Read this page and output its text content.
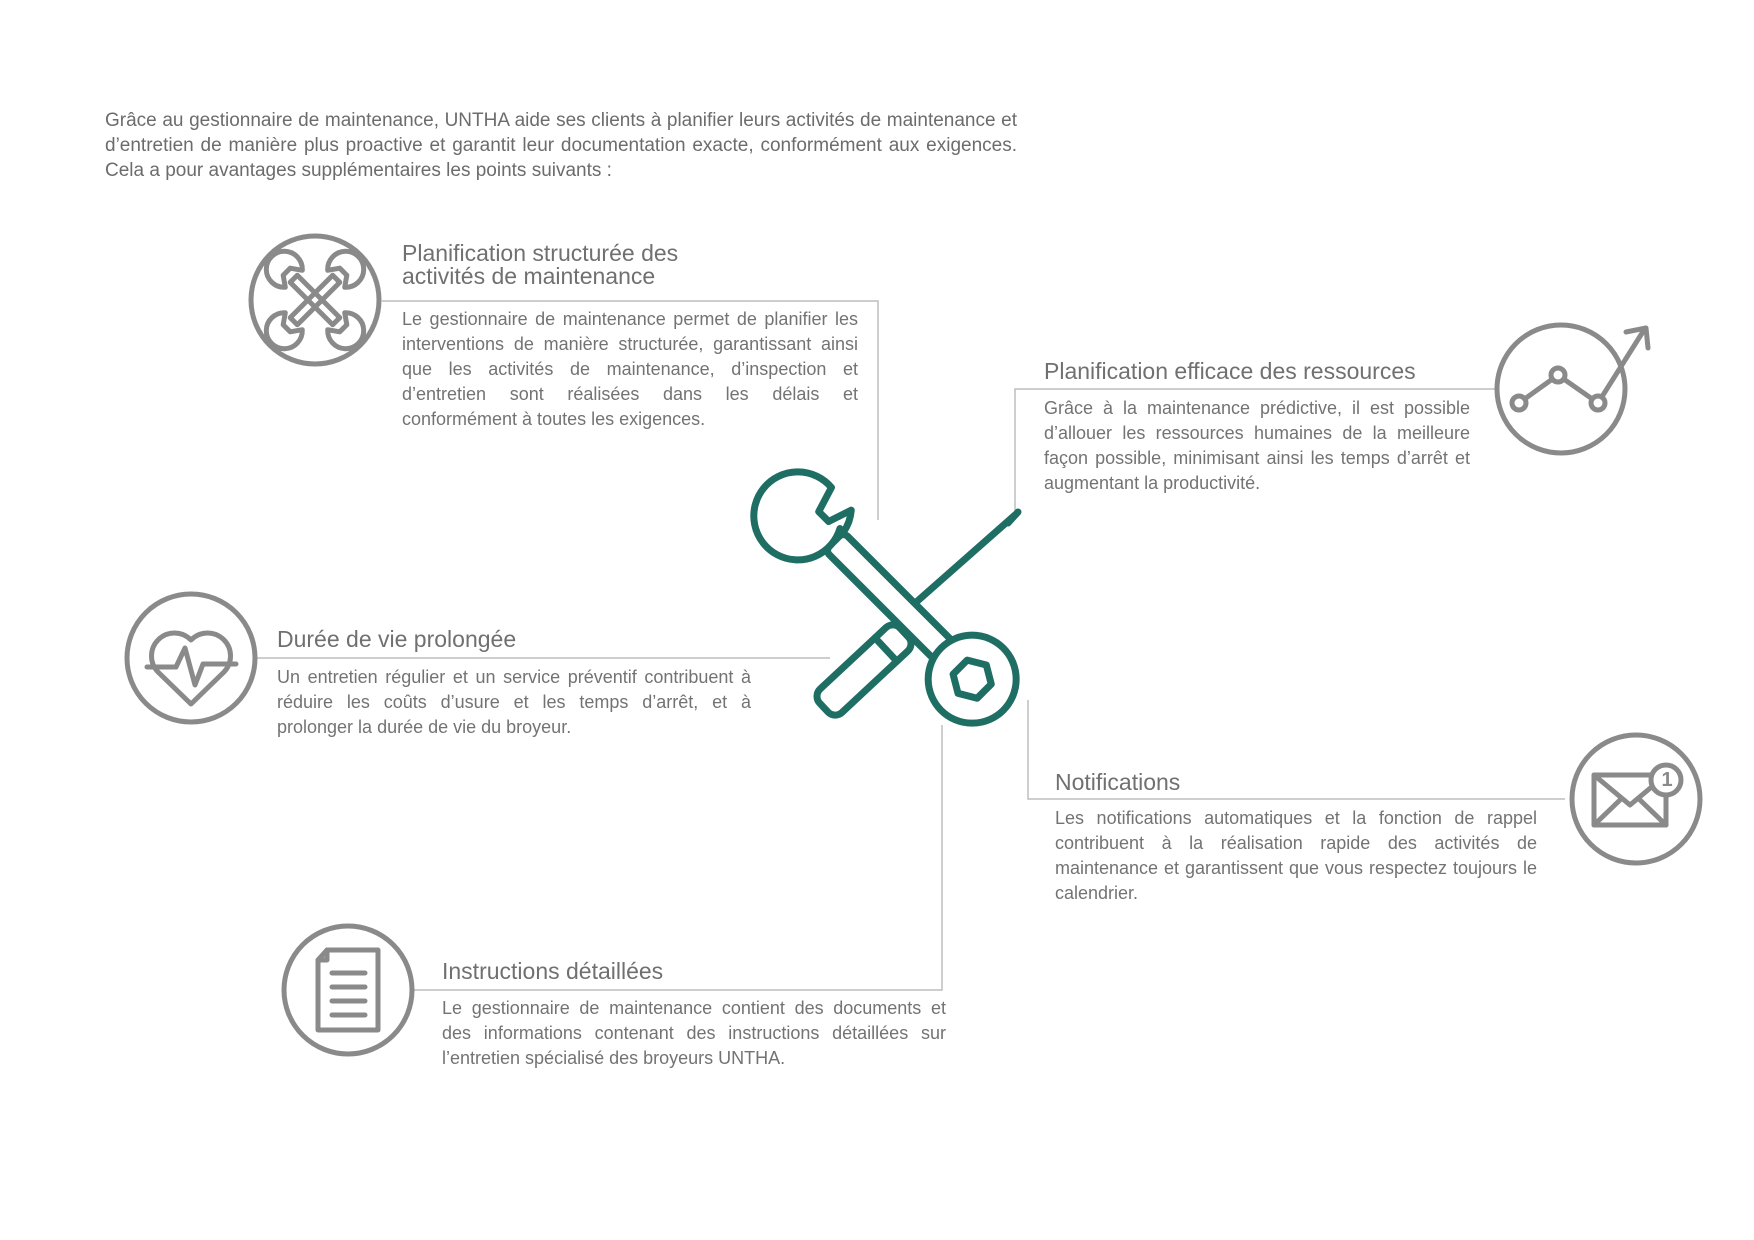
Grâce au gestionnaire de maintenance, UNTHA aide ses clients à planifier leurs activités de maintenance et d’entretien de manière plus proactive et garantit leur documentation exacte, conformément aux exigences. Cela a pour avantages supplémentaires les points suivants :
1
Planification structurée des activités de maintenance
Le gestionnaire de maintenance permet de planifier les interventions de manière structurée, garantissant ainsi que les activités de maintenance, d’inspection et d’entretien sont réalisées dans les délais et conformément à toutes les exigences.
Planification efficace des ressources
Grâce à la maintenance prédictive, il est possible d’allouer les ressources humaines de la meilleure façon possible, minimisant ainsi les temps d’arrêt et augmentant la productivité.
Durée de vie prolongée
Un entretien régulier et un service préventif contribuent à réduire les coûts d’usure et les temps d’arrêt, et à prolonger la durée de vie du broyeur.
Notifications
Les notifications automatiques et la fonction de rappel contribuent à la réalisation rapide des activités de maintenance et garantissent que vous respectez toujours le calendrier.
Instructions détaillées
Le gestionnaire de maintenance contient des documents et des informations contenant des instructions détaillées sur l’entretien spécialisé des broyeurs UNTHA.
